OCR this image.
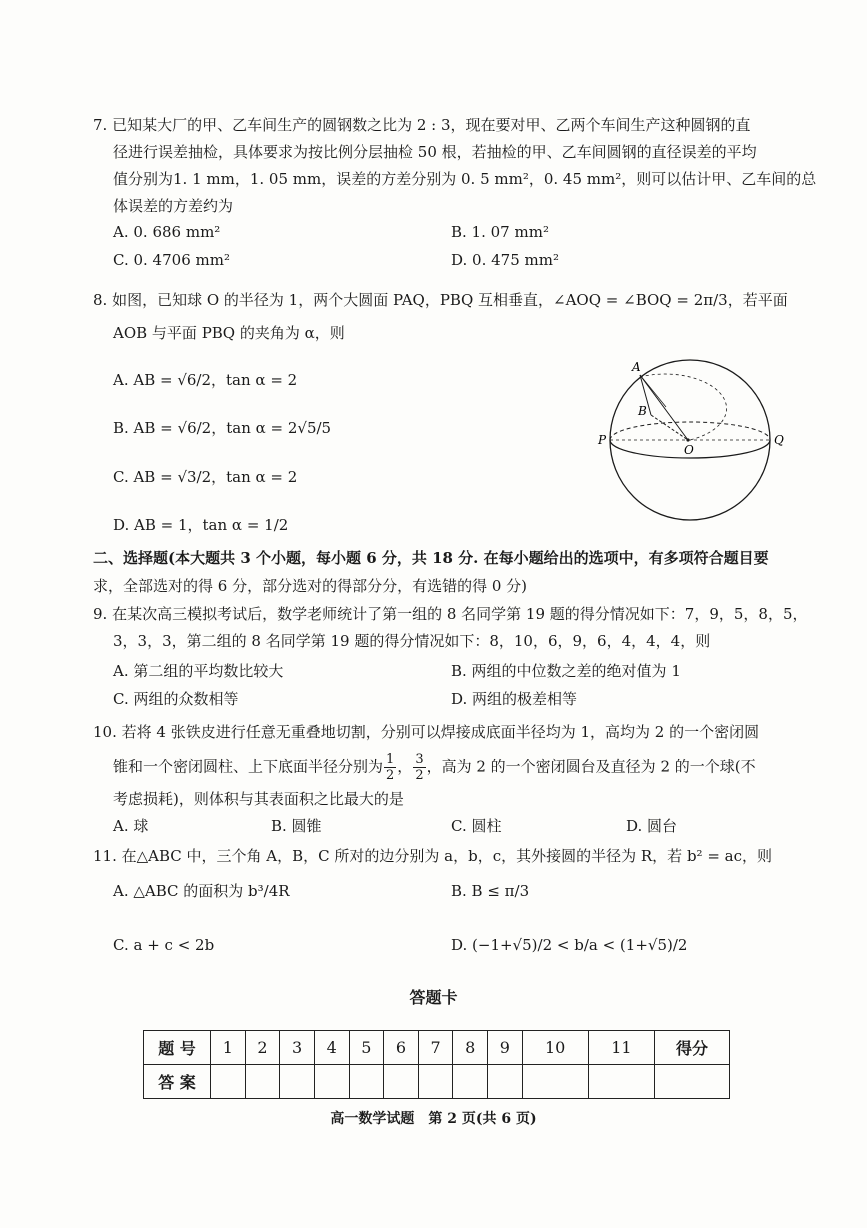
7. 已知某大厂的甲、乙车间生产的圆钢数之比为 2 : 3，现在要对甲、乙两个车间生产这种圆钢的直
径进行误差抽检，具体要求为按比例分层抽检 50 根，若抽检的甲、乙车间圆钢的直径误差的平均
值分别为1. 1 mm，1. 05 mm，误差的方差分别为 0. 5 mm²，0. 45 mm²，则可以估计甲、乙车间的总
体误差的方差约为
A. 0. 686 mm²	B. 1. 07 mm²
C. 0. 4706 mm²	D. 0. 475 mm²
8. 如图，已知球 O 的半径为 1，两个大圆面 PAQ，PBQ 互相垂直，∠AOQ = ∠BOQ = 2π/3，若平面
AOB 与平面 PBQ 的夹角为 α，则
A. AB = √6/2，tan α = 2
B. AB = √6/2，tan α = 2√5/5
C. AB = √3/2，tan α = 2
D. AB = 1，tan α = 1/2
A
B
P
O
Q
二、选择题(本大题共 3 个小题，每小题 6 分，共 18 分. 在每小题给出的选项中，有多项符合题目要
求，全部选对的得 6 分，部分选对的得部分分，有选错的得 0 分)
9. 在某次高三模拟考试后，数学老师统计了第一组的 8 名同学第 19 题的得分情况如下：7，9，5，8，5，
3，3，3，第二组的 8 名同学第 19 题的得分情况如下：8，10，6，9，6，4，4，4，则
A. 第二组的平均数比较大	B. 两组的中位数之差的绝对值为 1
C. 两组的众数相等	D. 两组的极差相等
10. 若将 4 张铁皮进行任意无重叠地切割，分别可以焊接成底面半径均为 1，高均为 2 的一个密闭圆
锥和一个密闭圆柱、上下底面半径分别为 $\frac{1}{2}$ ， $\frac{3}{2}$ ，高为 2 的一个密闭圆台及直径为 2 的一个球(不
考虑损耗)，则体积与其表面积之比最大的是
A. 球	B. 圆锥	C. 圆柱	D. 圆台
11. 在△ABC 中，三个角 A，B，C 所对的边分别为 a，b，c，其外接圆的半径为 R，若 b² = ac，则
A. △ABC 的面积为 b³/4R	B. B ≤ π/3
C. a + c < 2b	D. (−1+√5)/2 < b/a < (1+√5)/2
答题卡
题 号	1	2	3	4	5	6	7	8	9	10	11	得分
答 案												
高一数学试题　第 2 页(共 6 页)
